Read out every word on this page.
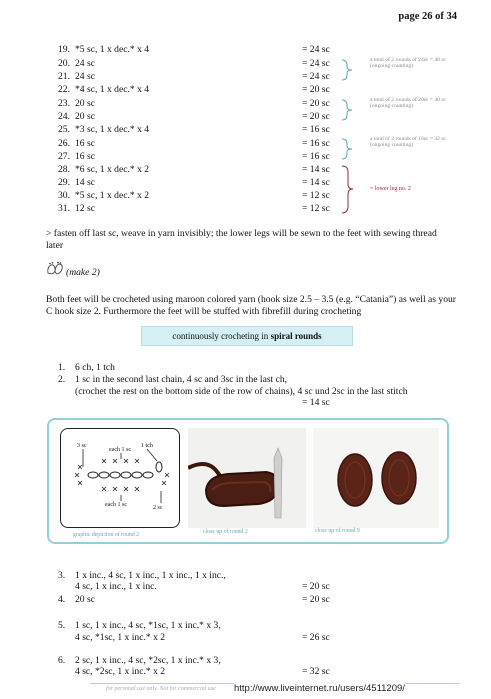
page 26 of 34
19. *5 sc, 1 x dec.* x 4	= 24 sc
20. 24 sc	= 24 sc
21. 24 sc	= 24 sc
22. *4 sc, 1 x dec.* x 4	= 20 sc
23. 20 sc	= 20 sc
24. 20 sc	= 20 sc
25. *3 sc, 1 x dec.* x 4	= 16 sc
26. 16 sc	= 16 sc
27. 16 sc	= 16 sc
28. *6 sc, 1 x dec.* x 2	= 14 sc
29. 14 sc	= 14 sc
30. *5 sc, 1 x dec.* x 2	= 12 sc
31. 12 sc	= 12 sc
a total of 2 rounds of 24sc = 48 sc (ongoing counting)
a total of 2 rounds of 20sc = 40 sc (ongoing counting)
a total of 2 rounds of 16sc = 32 sc (ongoing counting)
= lower leg no. 2
> fasten off last sc, weave in yarn invisibly; the lower legs will be sewn to the feet with sewing thread later
(make 2)
Both feet will be crocheted using maroon colored yarn (hook size 2.5 – 3.5 (e.g. “Catania”) as well as your C hook size 2. Furthermore the feet will be stuffed with fibrefill during crocheting
continuously crocheting in spiral rounds
1. 6 ch, 1 tch
2. 1 sc in the second last chain, 4 sc and 3sc in the last ch,
(crochet the rest on the bottom side of the row of chains), 4 sc und 2sc in the last stitch
= 14 sc
3 sc	1 tch
each 1 sc
each 1 sc	2 sc
graphic depiction of round 2	close up of round 2	close up of round 9
3. 1 x inc., 4 sc, 1 x inc., 1 x inc., 1 x inc.,
4 sc, 1 x inc., 1 x inc.	= 20 sc
4. 20 sc	= 20 sc
5. 1 sc, 1 x inc., 4 sc, *1sc, 1 x inc.* x 3,
4 sc, *1sc, 1 x inc.* x 2	= 26 sc
6. 2 sc, 1 x inc., 4 sc, *2sc, 1 x inc.* x 3,
4 sc, *2sc, 1 x inc.* x 2	= 32 sc
for personal use only. Not for commercial use http://www.liveinternet.ru/users/4511209/
